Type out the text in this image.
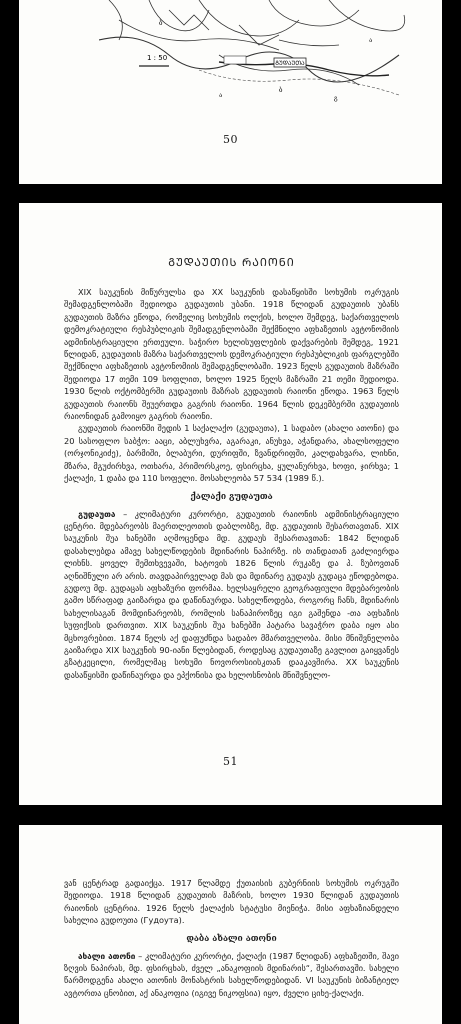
ᲒᲣᲓᲐᲣᲗᲐ
1 : 50
ა
ბ
გ
ა
ბ
50
ᲒᲣᲓᲐᲣᲗᲘᲡ ᲠᲐᲘᲝᲜᲘ

XIX საუკუნის მიწურულსა და XX საუკუნის დასაწყისში სოხუმის ოკრუგის შემადგენლობაში შედიოდა გუდაუთის უბანი. 1918 წლიდან გუდაუთის უბანს გუდაუთის მაზრა ეწოდა, რომელიც სოხუმის ოლქის, ხოლო შემდეგ, საქართველოს დემოკრატიული რესპუბლიკის შემადგენლობაში შექმნილი აფხაზეთის ავტონომიის ადმინისტრაციული ერთეული. საჭირო ხელისუფლების დაქვარების შემდეგ, 1921 წლიდან, გუდაუთის მაზრა საქართველოს დემოკრატიული რესპუბლიკის ფარგლებში შექმნილი აფხაზეთის ავტონომიის შემადგენლობაში. 1923 წელს გუდაუთის მაზრაში შედიოდა 17 თემი 109 სოფლით, ხოლო 1925 წელს მაზრაში 21 თემი შედიოდა. 1930 წლის ოქტომბერში გუდაუთის მაზრას გუდაუთის რაიონი ეწოდა. 1963 წელს გუდაუთის რაიონს შეუერთდა გაგრის რაიონი. 1964 წლის დეკემბერში გუდაუთის რაიონიდან გამოიყო გაგრის რაიონი.

გუდაუთის რაიონში შედის 1 საქალაქო (გუდაუთა), 1 სადაბო (ახალი ათონი) და 20 სასოფლო საბჭო: ააცი, აბლუხვრა, აგარაკი, ანუხვა, აჭანდარა, ახალსოფელი (ორჯონიკიძე), ბარმიში, ბლაბური, დურიფში, ზვანდრიფში, კალდახვარა, ლიხნი, მზარა, მგუძირხვა, ოთხარა, პრიმორსკოე, ფსირცხა, ყულანურხვა, ხოფი, ჯირხვა; 1 ქალაქი, 1 დაბა და 110 სოფელი. მოსახლეობა 57 534 (1989 წ.).

ქალაქი გუდაუთა

გუდაუთა – კლიმატური კურორტი, გუდაუთის რაიონის ადმინისტრაციული ცენტრი. მდებარეობს მაერთლეოთის დაბლობზე, მდ. გუდაუთის შესართავთან. XIX საუკუნის შუა ხანებში აღმოცენდა მდ. გუდაუს შესართავთან: 1842 წლიდან დასახლებდა ამავე სახელწოდების მდინარის ნაპირზე. ის თანდათან გაძლიერდა ლიხნს. ყოველ შემთხვევაში, ხატოვის 1826 წლის რუკაზე და პ. ზუბოვთან აღნიშნული არ არის. თავდაპირველად მას და მდინარე გუდაუს გუდაცა ეწოდებოდა. გუდოუ მდ. გუდაცას აფხაზური ფორმაა. ხელსაყრელი გეოგრაფიული მდებარეობის გამო სწრაფად გაიზარდა და დაწინაურდა. სახელწოდება, როგორც ჩანს, მდინარის სახელისაგან მომდინარეობს, რომლის სანაპიროზეც იგი გაშენდა -თა აფხაზის სუფიქსის დართვით. XIX საუკუნის შუა ხანებში პატარა სავაჭრო დაბა იყო ასი მცხოვრებით. 1874 წელს აქ დაფუძნდა სადაბო მმართველობა. მისი მნიშვნელობა გაიზარდა XIX საუკუნის 90-იანი წლებიდან, როდესაც გუდაუთაზე გავლით გაიყვანეს გზატკეცილი, რომელმაც სოხუმი ნოვოროსიისკთან დააკავშირა. XX საუკუნის დასაწყისში დაწინაურდა და ეპქონისა და ხელოსნობის მნიშვნელო-

51

ვან ცენტრად გადაიქცა. 1917 წლამდე ქუთაისის გუბერნიის სოხუმის ოკრუგში შედიოდა. 1918 წლიდან გუდაუთის მაზრის, ხოლო 1930 წლიდან გუდაუთის რაიონის ცენტრია. 1926 წელს ქალაქის სტატუსი მიენიჭა. მისი აფხაზიანდელი სახელია გუდოუთა (Гудоута).

დაბა ახალი ათონი

ახალი ათონი – კლიმატური კურორტი, ქალაქი (1987 წლიდან) აფხაზეთში, შავი ზღვის ნაპირას, მდ. ფსირცხას, ძველ „ანაკოფიის მდინარის“, შესართავში. სახელი წარმოდგენა ახალი ათონის მონასტრის სახელწოდებიდან. VI საუკუნის ბიზანტიელ ავტორთა ცნობით, აქ ანაკოფია (იგივე ნიკოფსია) იყო, ძველი ციხე-ქალაქი.
